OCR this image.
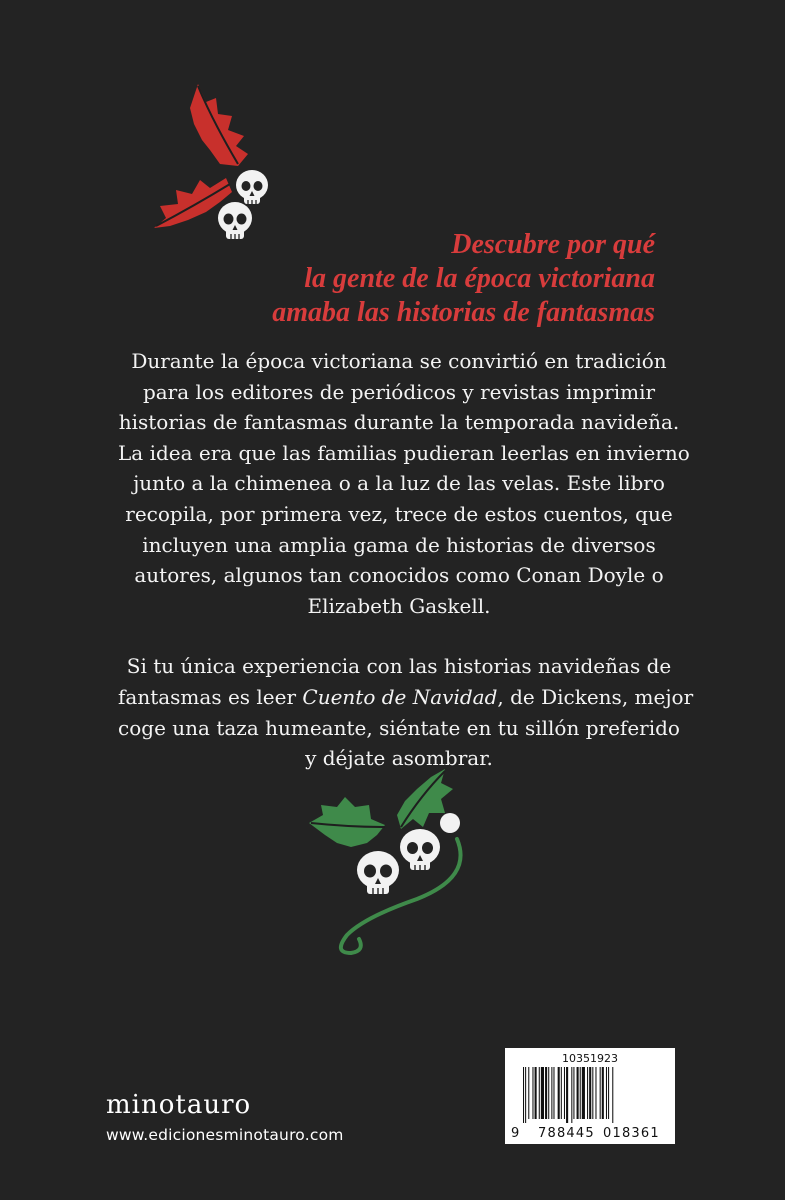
Descubre por qué
la gente de la época victoriana
amaba las historias de fantasmas
Durante la época victoriana se convirtió en tradición
para los editores de periódicos y revistas imprimir
historias de fantasmas durante la temporada navideña.
La idea era que las familias pudieran leerlas en invierno
junto a la chimenea o a la luz de las velas. Este libro
recopila, por primera vez, trece de estos cuentos, que
incluyen una amplia gama de historias de diversos
autores, algunos tan conocidos como Conan Doyle o
Elizabeth Gaskell.
Si tu única experiencia con las historias navideñas de
fantasmas es leer Cuento de Navidad, de Dickens, mejor
coge una taza humeante, siéntate en tu sillón preferido
y déjate asombrar.
minotauro
www.edicionesminotauro.com
10351923
9 788445 018361
